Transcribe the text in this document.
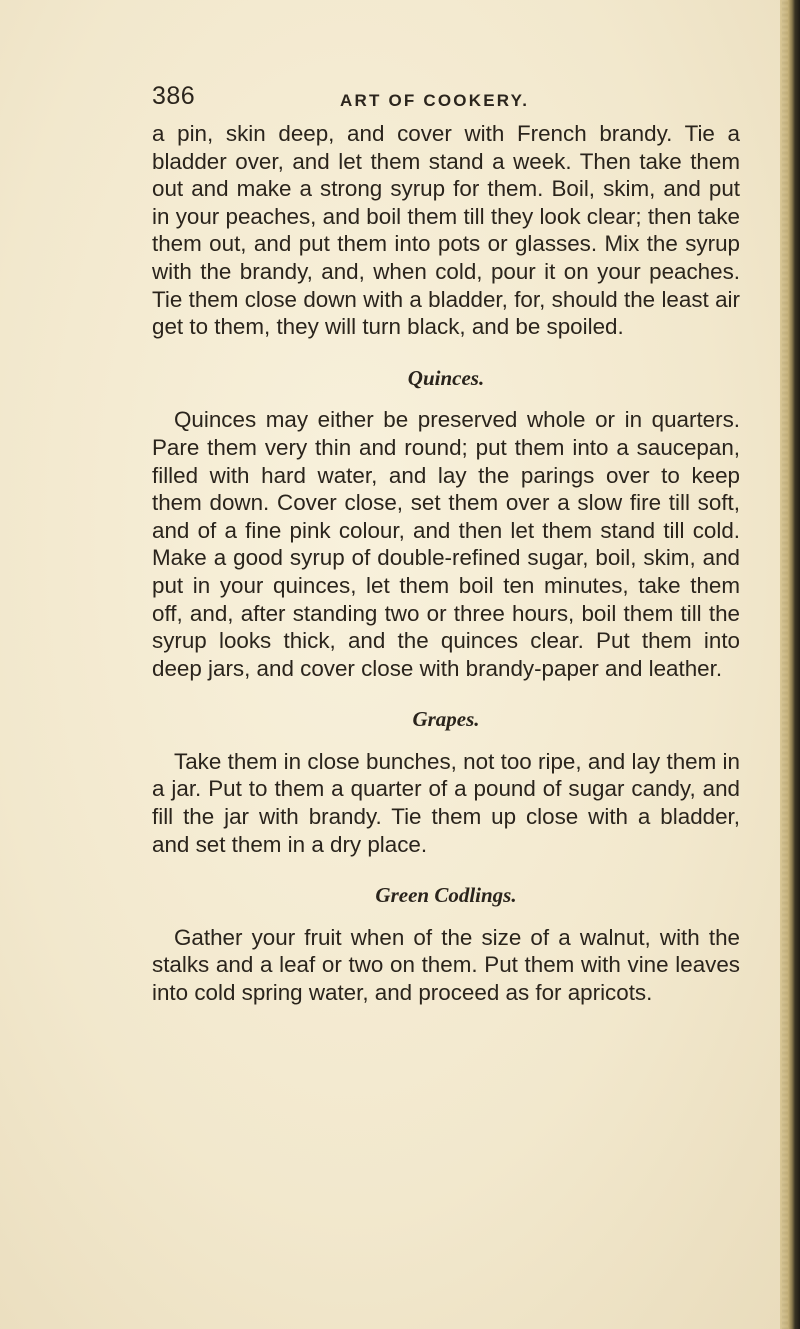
386	ART OF COOKERY.

a pin, skin deep, and cover with French brandy. Tie a bladder over, and let them stand a week. Then take them out and make a strong syrup for them. Boil, skim, and put in your peaches, and boil them till they look clear; then take them out, and put them into pots or glasses. Mix the syrup with the brandy, and, when cold, pour it on your peaches. Tie them close down with a bladder, for, should the least air get to them, they will turn black, and be spoiled.

Quinces.

Quinces may either be preserved whole or in quarters. Pare them very thin and round; put them into a saucepan, filled with hard water, and lay the parings over to keep them down. Cover close, set them over a slow fire till soft, and of a fine pink colour, and then let them stand till cold. Make a good syrup of double-refined sugar, boil, skim, and put in your quinces, let them boil ten minutes, take them off, and, after standing two or three hours, boil them till the syrup looks thick, and the quinces clear. Put them into deep jars, and cover close with brandy-paper and leather.

Grapes.

Take them in close bunches, not too ripe, and lay them in a jar. Put to them a quarter of a pound of sugar candy, and fill the jar with brandy. Tie them up close with a bladder, and set them in a dry place.

Green Codlings.

Gather your fruit when of the size of a walnut, with the stalks and a leaf or two on them. Put them with vine leaves into cold spring water, and proceed as for apricots.
